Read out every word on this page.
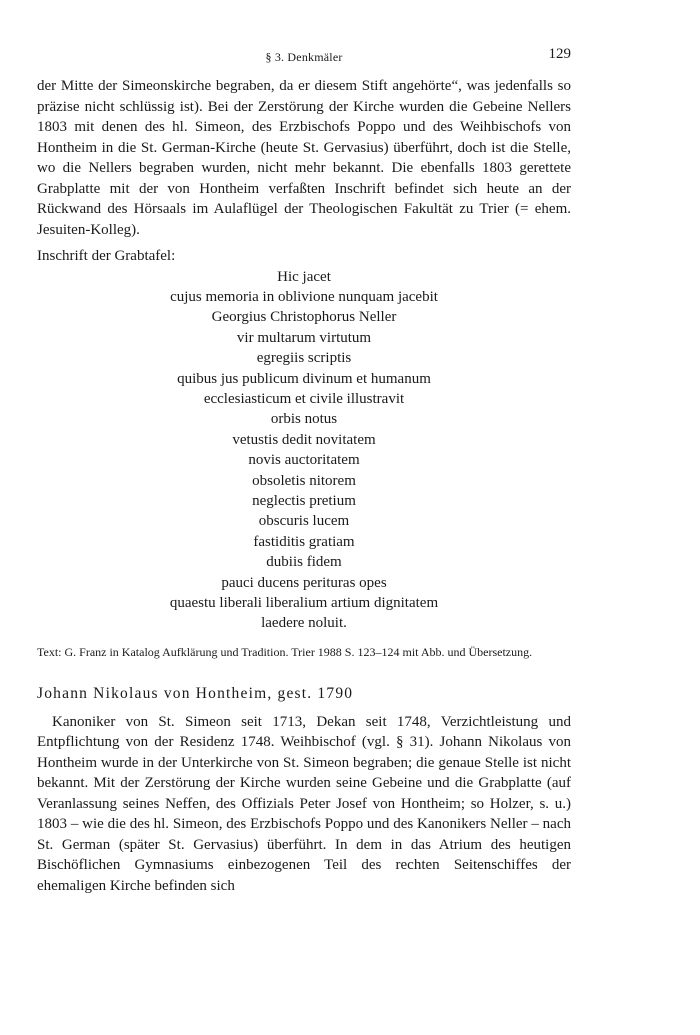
§ 3. Denkmäler	129

der Mitte der Simeonskirche begraben, da er diesem Stift angehörte“, was jedenfalls so präzise nicht schlüssig ist). Bei der Zerstörung der Kirche wurden die Gebeine Nellers 1803 mit denen des hl. Simeon, des Erzbischofs Poppo und des Weihbischofs von Hontheim in die St. German-Kirche (heute St. Gervasius) überführt, doch ist die Stelle, wo die Nellers begraben wurden, nicht mehr bekannt. Die ebenfalls 1803 gerettete Grabplatte mit der von Hontheim verfaßten Inschrift befindet sich heute an der Rückwand des Hörsaals im Aulaflügel der Theologischen Fakultät zu Trier (= ehem. Jesuiten-Kolleg).

Inschrift der Grabtafel:

Hic jacet
cujus memoria in oblivione nunquam jacebit
Georgius Christophorus Neller
vir multarum virtutum
egregiis scriptis
quibus jus publicum divinum et humanum
ecclesiasticum et civile illustravit
orbis notus
vetustis dedit novitatem
novis auctoritatem
obsoletis nitorem
neglectis pretium
obscuris lucem
fastiditis gratiam
dubiis fidem
pauci ducens perituras opes
quaestu liberali liberalium artium dignitatem
laedere noluit.

Text: G. Franz in Katalog Aufklärung und Tradition. Trier 1988 S. 123–124 mit Abb. und Übersetzung.

Johann Nikolaus von Hontheim, gest. 1790

Kanoniker von St. Simeon seit 1713, Dekan seit 1748, Verzichtleistung und Entpflichtung von der Residenz 1748. Weihbischof (vgl. § 31). Johann Nikolaus von Hontheim wurde in der Unterkirche von St. Simeon begraben; die genaue Stelle ist nicht bekannt. Mit der Zerstörung der Kirche wurden seine Gebeine und die Grabplatte (auf Veranlassung seines Neffen, des Offizials Peter Josef von Hontheim; so Holzer, s. u.) 1803 – wie die des hl. Simeon, des Erzbischofs Poppo und des Kanonikers Neller – nach St. German (später St. Gervasius) überführt. In dem in das Atrium des heutigen Bischöflichen Gymnasiums einbezogenen Teil des rechten Seitenschiffes der ehemaligen Kirche befinden sich
